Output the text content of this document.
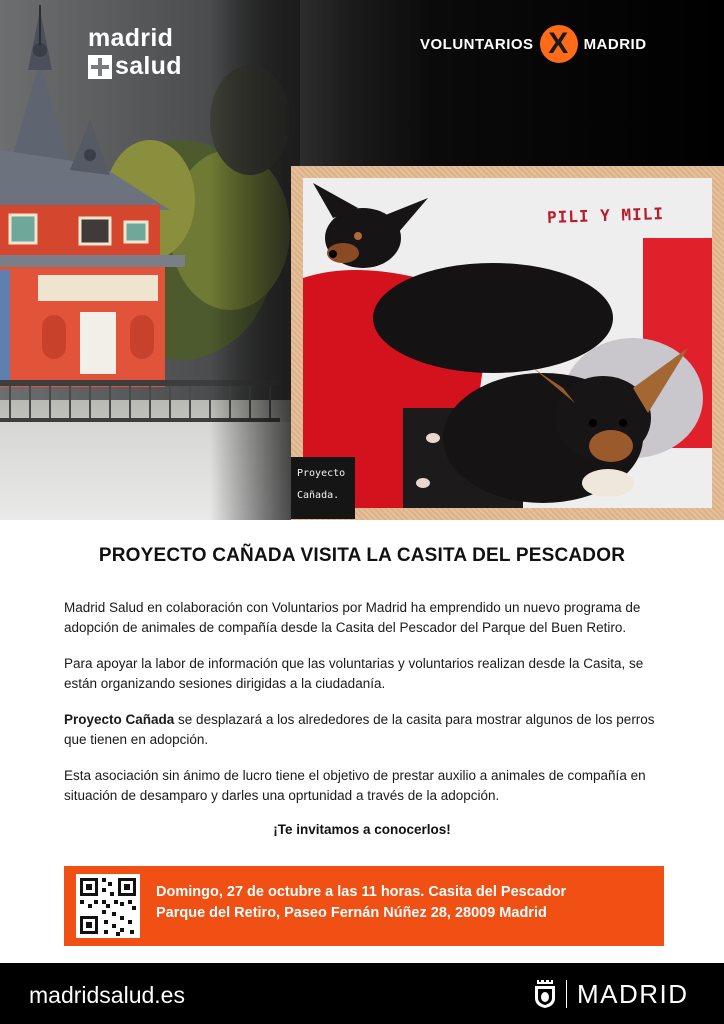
madrid
salud
VOLUNTARIOS X MADRID
PILI Y MILI
Proyecto
Cañada.
PROYECTO CAÑADA VISITA LA CASITA DEL PESCADOR

Madrid Salud en colaboración con Voluntarios por Madrid ha emprendido un nuevo programa de adopción de animales de compañía desde la Casita del Pescador del Parque del Buen Retiro.

Para apoyar la labor de información que las voluntarias y voluntarios realizan desde la Casita, se están organizando sesiones dirigidas a la ciudadanía.

Proyecto Cañada se desplazará a los alrededores de la casita para mostrar algunos de los perros que tienen en adopción.

Esta asociación sin ánimo de lucro tiene el objetivo de prestar auxilio a animales de compañía en situación de desamparo y darles una oprtunidad a través de la adopción.

¡Te invitamos a conocerlos!

Domingo, 27 de octubre a las 11 horas. Casita del Pescador
Parque del Retiro, Paseo Fernán Núñez 28, 28009 Madrid

madridsalud.es	MADRID
